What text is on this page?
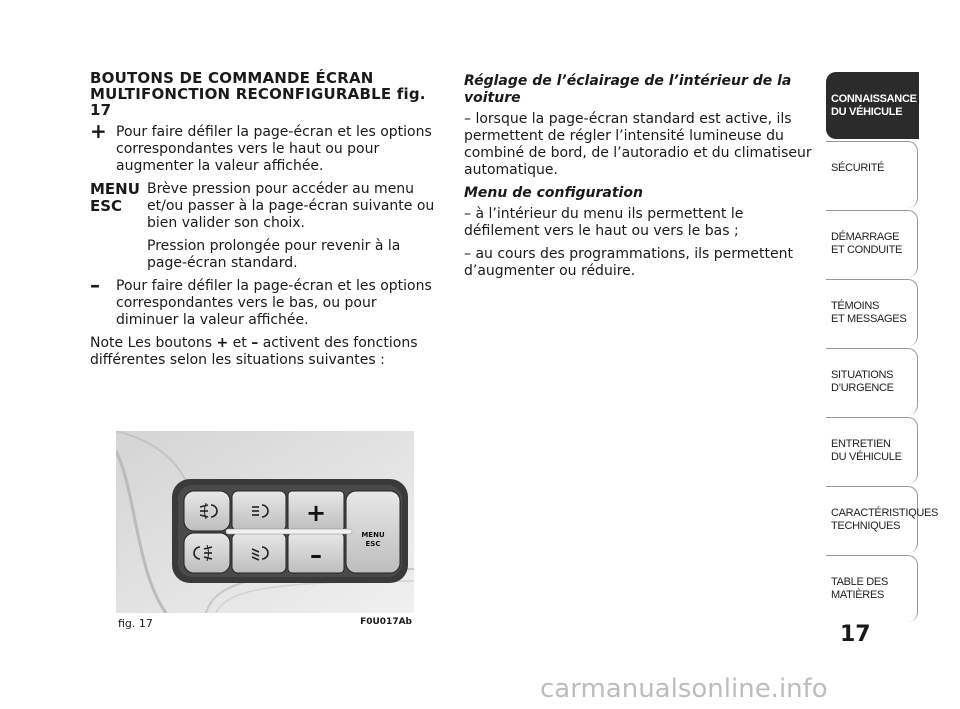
BOUTONS DE COMMANDE ÉCRAN
MULTIFONCTION RECONFIGURABLE fig. 17
+ Pour faire défiler la page-écran et les options correspondantes vers le haut ou pour augmenter la valeur affichée.

MENU
ESC

Brève pression pour accéder au menu et/ou passer à la page-écran suivante ou bien valider son choix.

Pression prolongée pour revenir à la page-écran standard.

– Pour faire défiler la page-écran et les options correspondantes vers le bas, ou pour diminuer la valeur affichée.

Note Les boutons + et – activent des fonctions différentes selon les situations suivantes :

Réglage de l’éclairage de l’intérieur de la voiture

– lorsque la page-écran standard est active, ils permettent de régler l’intensité lumineuse du combiné de bord, de l’autoradio et du climatiseur automatique.

Menu de configuration

– à l’intérieur du menu ils permettent le défilement vers le haut ou vers le bas ;

– au cours des programmations, ils permettent d’augmenter ou réduire.

+
–
MENU
ESC
fig. 17	F0U017Ab
CONNAISSANCE
DU VÉHICULE
SÉCURITÉ
DÉMARRAGE
ET CONDUITE
TÉMOINS
ET MESSAGES
SITUATIONS
D’URGENCE
ENTRETIEN
DU VÉHICULE
CARACTÉRISTIQUES
TECHNIQUES
TABLE DES
MATIÈRES
17
carmanualsonline.info
